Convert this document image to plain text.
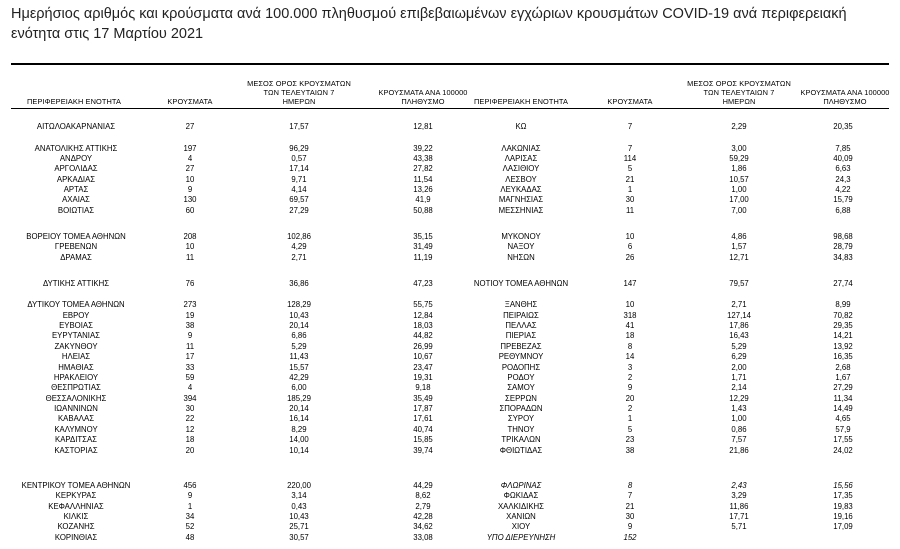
Ημερήσιος αριθμός και κρούσματα ανά 100.000 πληθυσμού επιβεβαιωμένων εγχώριων κρουσμάτων COVID-19 ανά περιφερειακή ενότητα στις 17 Μαρτίου 2021
ΠΕΡΙΦΕΡΕΙΑΚΗ ΕΝΟΤΗΤΑ	ΚΡΟΥΣΜΑΤΑ
ΜΕΣΟΣ ΟΡΟΣ ΚΡΟΥΣΜΑΤΩΝ
ΤΩΝ ΤΕΛΕΥΤΑΙΩΝ 7
ΗΜΕΡΩΝ
ΚΡΟΥΣΜΑΤΑ ΑΝΑ 100000
ΠΛΗΘΥΣΜΟ	ΠΕΡΙΦΕΡΕΙΑΚΗ ΕΝΟΤΗΤΑ	ΚΡΟΥΣΜΑΤΑ
ΜΕΣΟΣ ΟΡΟΣ ΚΡΟΥΣΜΑΤΩΝ
ΤΩΝ ΤΕΛΕΥΤΑΙΩΝ 7
ΗΜΕΡΩΝ
ΚΡΟΥΣΜΑΤΑ ΑΝΑ 100000
ΠΛΗΘΥΣΜΟ
ΑΙΤΩΛΟΑΚΑΡΝΑΝΙΑΣ	27	17,57	12,81
ΑΝΑΤΟΛΙΚΗΣ ΑΤΤΙΚΗΣ	197	96,29	39,22
ΑΝΔΡΟΥ	4	0,57	43,38
ΑΡΓΟΛΙΔΑΣ	27	17,14	27,82
ΑΡΚΑΔΙΑΣ	10	9,71	11,54
ΑΡΤΑΣ	9	4,14	13,26
ΑΧΑΙΑΣ	130	69,57	41,9
ΒΟΙΩΤΙΑΣ	60	27,29	50,88
ΒΟΡΕΙΟΥ ΤΟΜΕΑ ΑΘΗΝΩΝ	208	102,86	35,15
ΓΡΕΒΕΝΩΝ	10	4,29	31,49
ΔΡΑΜΑΣ	11	2,71	11,19
ΔΥΤΙΚΗΣ ΑΤΤΙΚΗΣ	76	36,86	47,23
ΔΥΤΙΚΟΥ ΤΟΜΕΑ ΑΘΗΝΩΝ	273	128,29	55,75
ΕΒΡΟΥ	19	10,43	12,84
ΕΥΒΟΙΑΣ	38	20,14	18,03
ΕΥΡΥΤΑΝΙΑΣ	9	6,86	44,82
ΖΑΚΥΝΘΟΥ	11	5,29	26,99
ΗΛΕΙΑΣ	17	11,43	10,67
ΗΜΑΘΙΑΣ	33	15,57	23,47
ΗΡΑΚΛΕΙΟΥ	59	42,29	19,31
ΘΕΣΠΡΩΤΙΑΣ	4	6,00	9,18
ΘΕΣΣΑΛΟΝΙΚΗΣ	394	185,29	35,49
ΙΩΑΝΝΙΝΩΝ	30	20,14	17,87
ΚΑΒΑΛΑΣ	22	16,14	17,61
ΚΑΛΥΜΝΟΥ	12	8,29	40,74
ΚΑΡΔΙΤΣΑΣ	18	14,00	15,85
ΚΑΣΤΟΡΙΑΣ	20	10,14	39,74
ΚΕΝΤΡΙΚΟΥ ΤΟΜΕΑ ΑΘΗΝΩΝ	456	220,00	44,29
ΚΕΡΚΥΡΑΣ	9	3,14	8,62
ΚΕΦΑΛΛΗΝΙΑΣ	1	0,43	2,79
ΚΙΛΚΙΣ	34	10,43	42,28
ΚΟΖΑΝΗΣ	52	25,71	34,62
ΚΟΡΙΝΘΙΑΣ	48	30,57	33,08
ΚΩ	7	2,29	20,35
ΛΑΚΩΝΙΑΣ	7	3,00	7,85
ΛΑΡΙΣΑΣ	114	59,29	40,09
ΛΑΣΙΘΙΟΥ	5	1,86	6,63
ΛΕΣΒΟΥ	21	10,57	24,3
ΛΕΥΚΑΔΑΣ	1	1,00	4,22
ΜΑΓΝΗΣΙΑΣ	30	17,00	15,79
ΜΕΣΣΗΝΙΑΣ	11	7,00	6,88
ΜΥΚΟΝΟΥ	10	4,86	98,68
ΝΑΞΟΥ	6	1,57	28,79
ΝΗΣΩΝ	26	12,71	34,83
ΝΟΤΙΟΥ ΤΟΜΕΑ ΑΘΗΝΩΝ	147	79,57	27,74
ΞΑΝΘΗΣ	10	2,71	8,99
ΠΕΙΡΑΙΩΣ	318	127,14	70,82
ΠΕΛΛΑΣ	41	17,86	29,35
ΠΙΕΡΙΑΣ	18	16,43	14,21
ΠΡΕΒΕΖΑΣ	8	5,29	13,92
ΡΕΘΥΜΝΟΥ	14	6,29	16,35
ΡΟΔΟΠΗΣ	3	2,00	2,68
ΡΟΔΟΥ	2	1,71	1,67
ΣΑΜΟΥ	9	2,14	27,29
ΣΕΡΡΩΝ	20	12,29	11,34
ΣΠΟΡΑΔΩΝ	2	1,43	14,49
ΣΥΡΟΥ	1	1,00	4,65
ΤΗΝΟΥ	5	0,86	57,9
ΤΡΙΚΑΛΩΝ	23	7,57	17,55
ΦΘΙΩΤΙΔΑΣ	38	21,86	24,02
ΦΛΩΡΙΝΑΣ	8	2,43	15,56
ΦΩΚΙΔΑΣ	7	3,29	17,35
ΧΑΛΚΙΔΙΚΗΣ	21	11,86	19,83
ΧΑΝΙΩΝ	30	17,71	19,16
ΧΙΟΥ	9	5,71	17,09
ΥΠΟ ΔΙΕΡΕΥΝΗΣΗ	152
